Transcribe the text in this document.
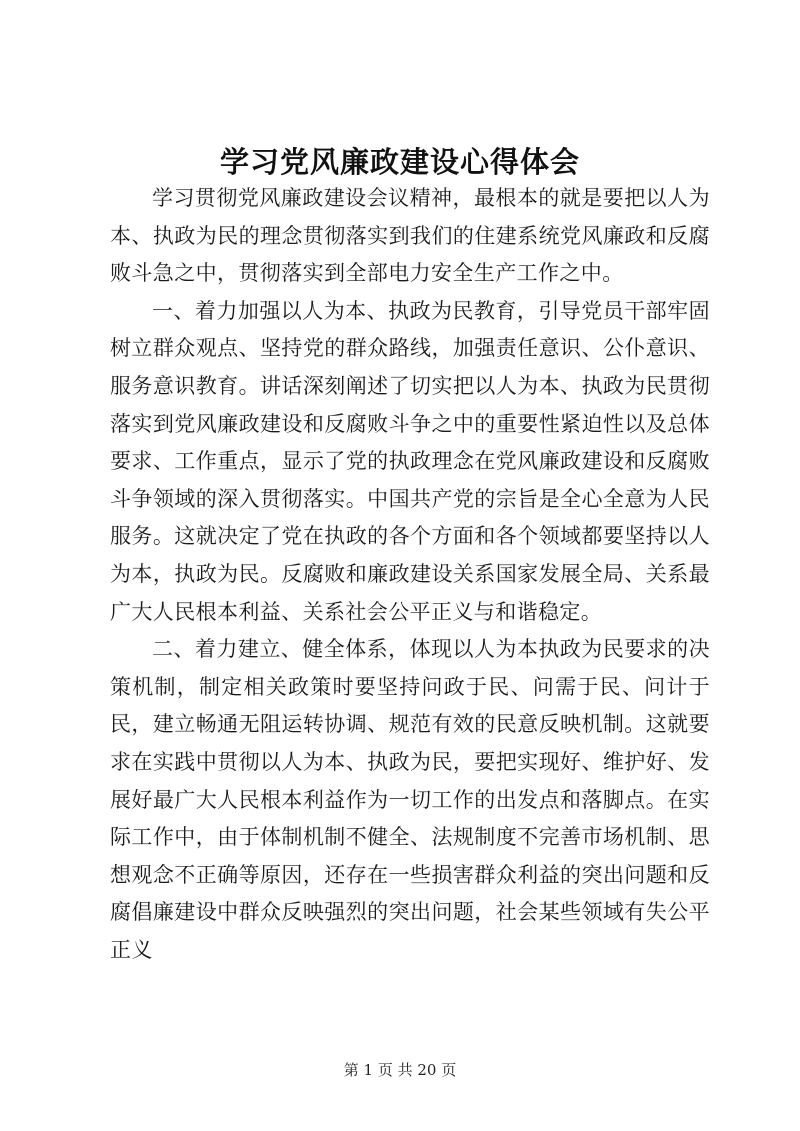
学习党风廉政建设心得体会

学习贯彻党风廉政建设会议精神，最根本的就是要把以人为本、执政为民的理念贯彻落实到我们的住建系统党风廉政和反腐败斗急之中，贯彻落实到全部电力安全生产工作之中。

一、着力加强以人为本、执政为民教育，引导党员干部牢固树立群众观点、坚持党的群众路线，加强责任意识、公仆意识、服务意识教育。讲话深刻阐述了切实把以人为本、执政为民贯彻落实到党风廉政建设和反腐败斗争之中的重要性紧迫性以及总体要求、工作重点，显示了党的执政理念在党风廉政建设和反腐败斗争领域的深入贯彻落实。中国共产党的宗旨是全心全意为人民服务。这就决定了党在执政的各个方面和各个领域都要坚持以人为本，执政为民。反腐败和廉政建设关系国家发展全局、关系最广大人民根本利益、关系社会公平正义与和谐稳定。

二、着力建立、健全体系，体现以人为本执政为民要求的决策机制，制定相关政策时要坚持问政于民、问需于民、问计于民，建立畅通无阻运转协调、规范有效的民意反映机制。这就要求在实践中贯彻以人为本、执政为民，要把实现好、维护好、发展好最广大人民根本利益作为一切工作的出发点和落脚点。在实际工作中，由于体制机制不健全、法规制度不完善市场机制、思想观念不正确等原因，还存在一些损害群众利益的突出问题和反腐倡廉建设中群众反映强烈的突出问题，社会某些领域有失公平正义

第 1 页 共 20 页
